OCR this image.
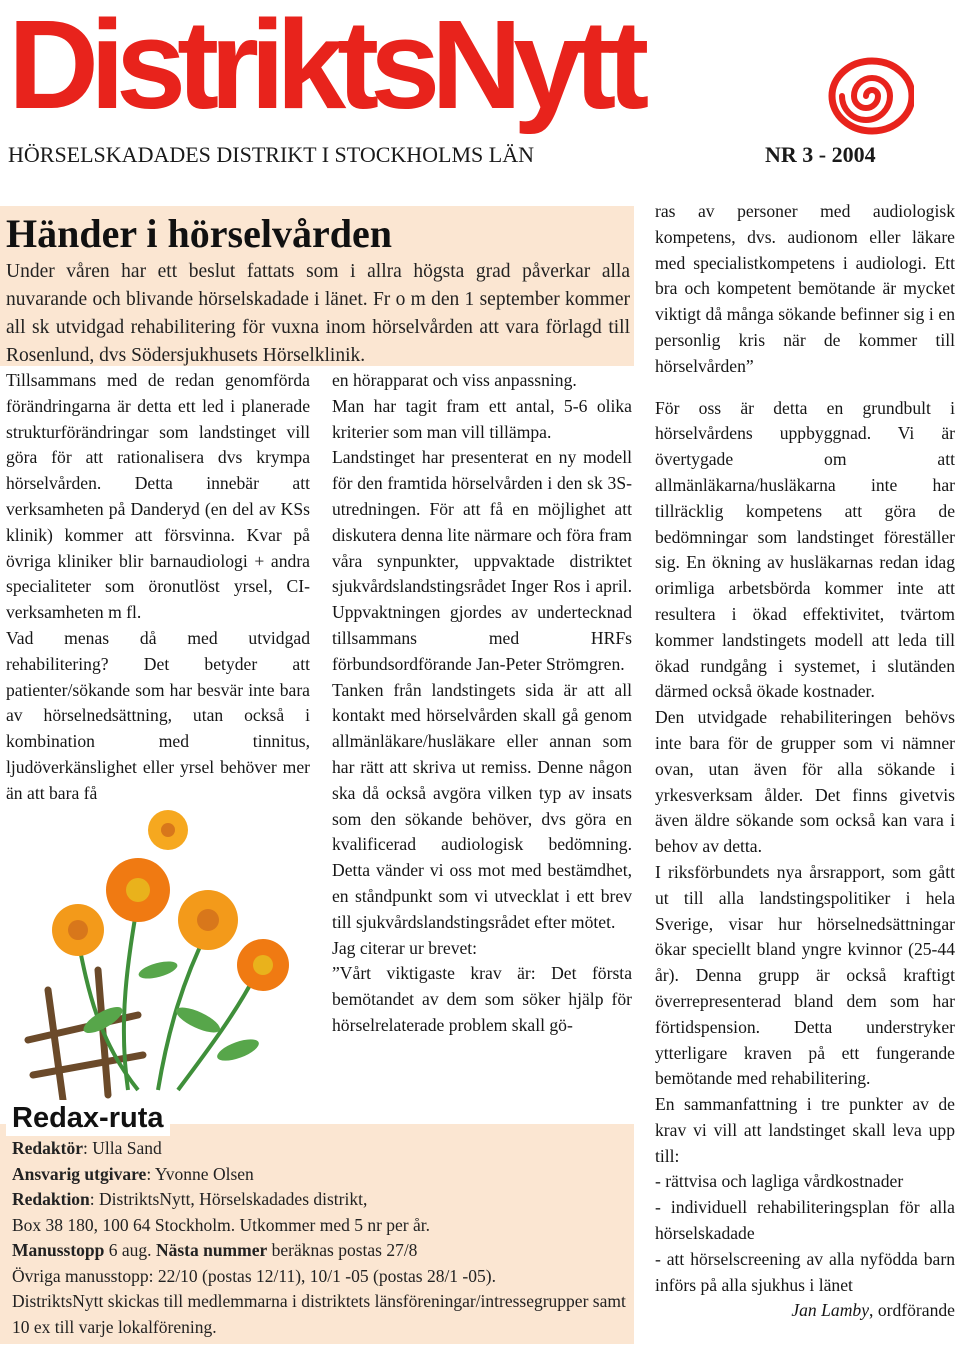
DistriktsNytt
HÖRSELSKADADES DISTRIKT I STOCKHOLMS LÄN	NR 3 - 2004
Händer i hörselvården

Under våren har ett beslut fattats som i allra högsta grad påverkar alla nuvarande och blivande hörselskadade i länet. Fr o m den 1 september kommer all sk utvidgad rehabilitering för vuxna inom hörselvården att vara förlagd till Rosenlund, dvs Södersjukhusets Hörselklinik.

Tillsammans med de redan genomförda förändringarna är detta ett led i planerade strukturförändringar som landstinget vill göra för att rationalisera dvs krympa hörselvården. Detta innebär att verksamheten på Danderyd (en del av KSs klinik) kommer att försvinna. Kvar på övriga kliniker blir barnaudiologi + andra specialiteter som öronutlöst yrsel, CI-verksamheten m fl.

Vad menas då med utvidgad rehabilitering? Det betyder att patienter/sökande som har besvär inte bara av hörselnedsättning, utan också i kombination med tinnitus, ljudöverkänslighet eller yrsel behöver mer än att bara få

en hörapparat och viss anpassning.

Man har tagit fram ett antal, 5-6 olika kriterier som man vill tillämpa.

Landstinget har presenterat en ny modell för den framtida hörselvården i den sk 3S-utredningen. För att få en möjlighet att diskutera denna lite närmare och föra fram våra synpunkter, uppvaktade distriktet sjukvårdslandstingsrådet Inger Ros i april. Uppvaktningen gjordes av undertecknad tillsammans med HRFs förbundsordförande Jan-Peter Strömgren.

Tanken från landstingets sida är att all kontakt med hörselvården skall gå genom allmänläkare/husläkare eller annan som har rätt att skriva ut remiss. Denne någon ska då också avgöra vilken typ av insats som den sökande behöver, dvs göra en kvalificerad audiologisk bedömning. Detta vänder vi oss mot med bestämdhet, en ståndpunkt som vi utvecklat i ett brev till sjukvårdslandstingsrådet efter mötet.

Jag citerar ur brevet:

”Vårt viktigaste krav är: Det första bemötandet av dem som söker hjälp för hörselrelaterade problem skall gö-

ras av personer med audiologisk kompetens, dvs. audionom eller läkare med specialistkompetens i audiologi. Ett bra och kompetent bemötande är mycket viktigt då många sökande befinner sig i en personlig kris när de kommer till hörselvården”

För oss är detta en grundbult i hörselvårdens uppbyggnad. Vi är övertygade om att allmänläkarna/husläkarna inte har tillräcklig kompetens att göra de bedömningar som landstinget föreställer sig. En ökning av husläkarnas redan idag orimliga arbetsbörda kommer inte att resultera i ökad effektivitet, tvärtom kommer landstingets modell att leda till ökad rundgång i systemet, i slutänden därmed också ökade kostnader.

Den utvidgade rehabiliteringen behövs inte bara för de grupper som vi nämner ovan, utan även för alla sökande i yrkesverksam ålder. Det finns givetvis även äldre sökande som också kan vara i behov av detta.

I riksförbundets nya årsrapport, som gått ut till alla landstingspolitiker i hela Sverige, visar hur hörselnedsättningar ökar speciellt bland yngre kvinnor (25-44 år). Denna grupp är också kraftigt överrepresenterad bland dem som har förtidspension. Detta understryker ytterligare kraven på ett fungerande bemötande med rehabilitering.

En sammanfattning i tre punkter av de krav vi vill att landstinget skall leva upp till:

- rättvisa och lagliga vårdkostnader

- individuell rehabiliteringsplan för alla hörselskadade

- att hörselscreening av alla nyfödda barn införs på alla sjukhus i länet

Jan Lamby, ordförande

Redax-ruta
Redaktör: Ulla Sand
Ansvarig utgivare: Yvonne Olsen
Redaktion: DistriktsNytt, Hörselskadades distrikt,
Box 38 180, 100 64 Stockholm. Utkommer med 5 nr per år.
Manusstopp 6 aug. Nästa nummer beräknas postas 27/8
Övriga manusstopp: 22/10 (postas 12/11), 10/1 -05 (postas 28/1 -05).
DistriktsNytt skickas till medlemmarna i distriktets länsföreningar/intressegrupper samt 10 ex till varje lokalförening.
